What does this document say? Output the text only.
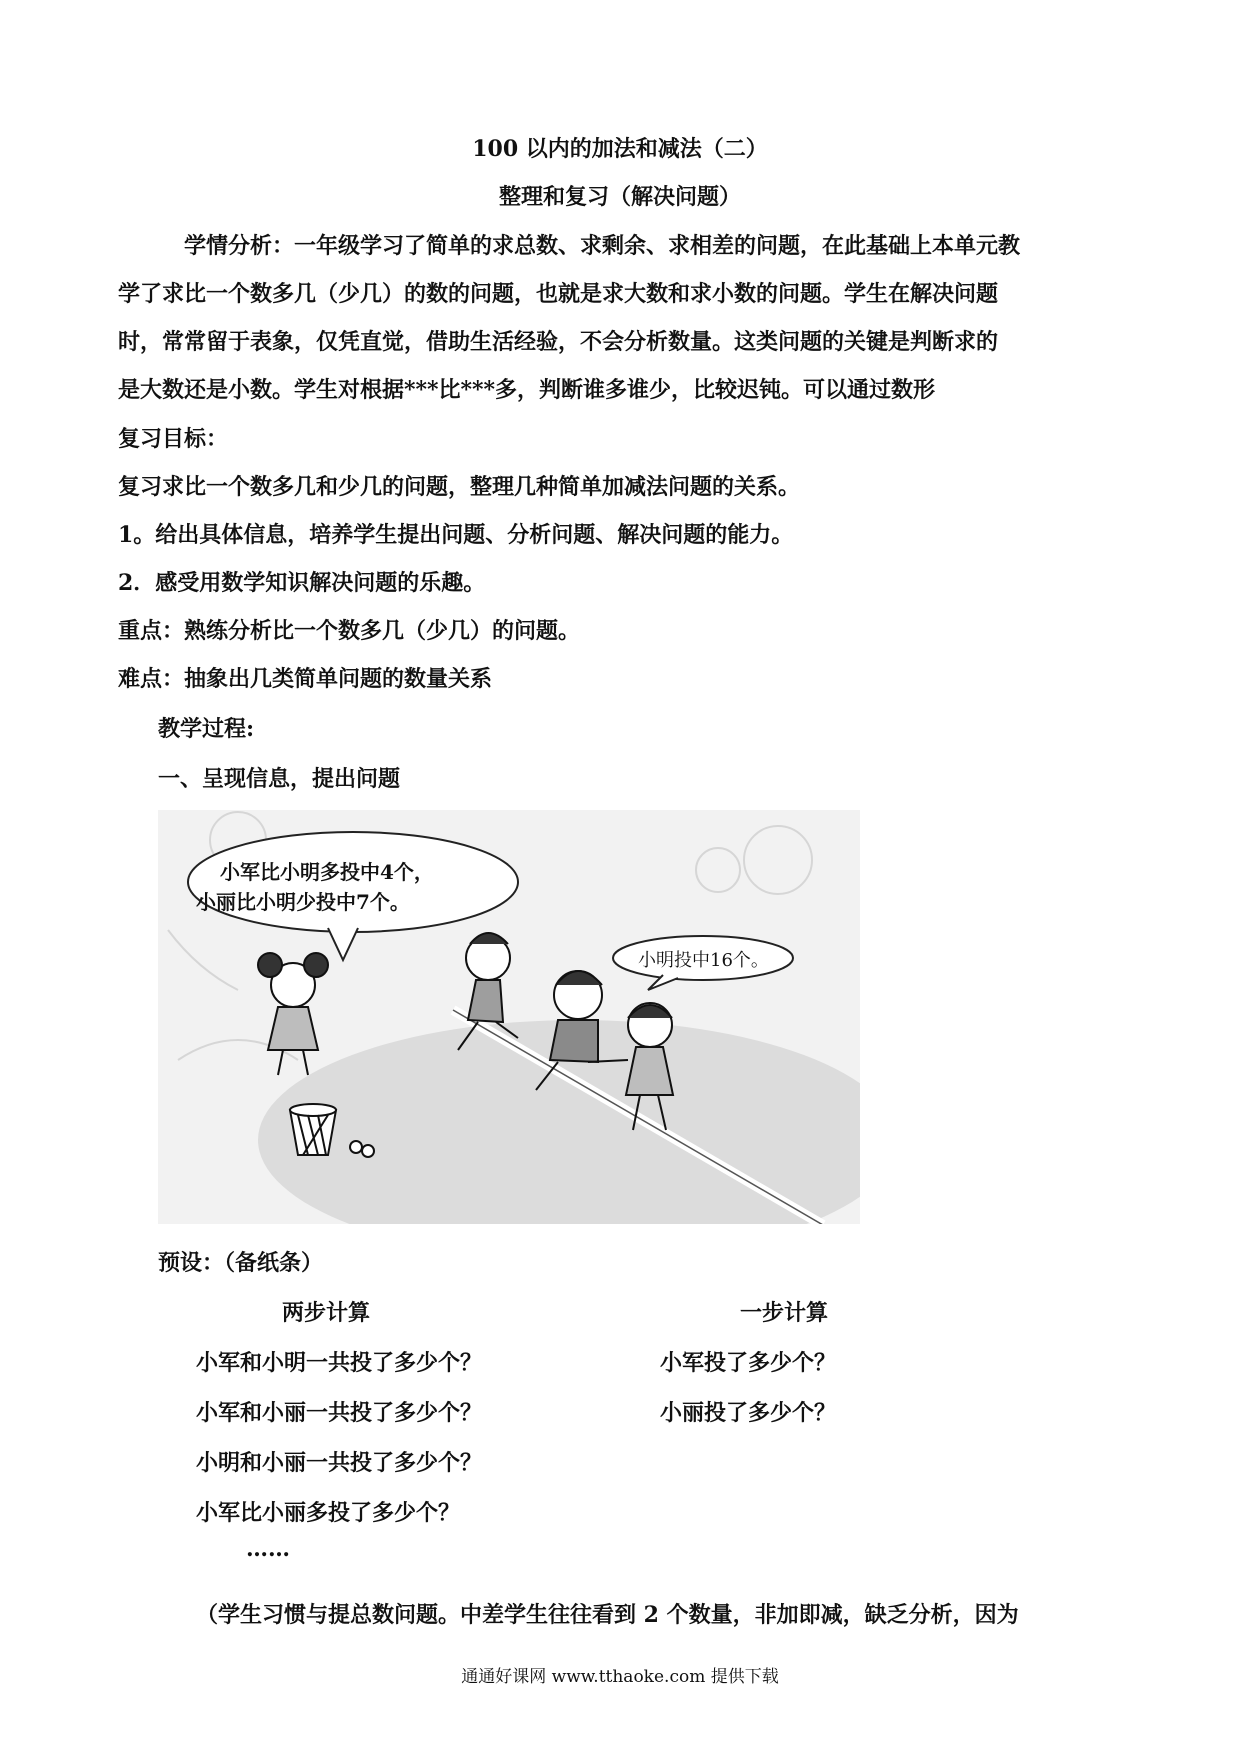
100 以内的加法和减法（二）
整理和复习（解决问题）
学情分析：一年级学习了简单的求总数、求剩余、求相差的问题，在此基础上本单元教
学了求比一个数多几（少几）的数的问题，也就是求大数和求小数的问题。学生在解决问题
时，常常留于表象，仅凭直觉，借助生活经验，不会分析数量。这类问题的关键是判断求的
是大数还是小数。学生对根据***比***多，判断谁多谁少，比较迟钝。可以通过数形
复习目标：
复习求比一个数多几和少几的问题，整理几种简单加减法问题的关系。
1。给出具体信息，培养学生提出问题、分析问题、解决问题的能力。
2．感受用数学知识解决问题的乐趣。
重点：熟练分析比一个数多几（少几）的问题。
难点：抽象出几类简单问题的数量关系
教学过程:
一、呈现信息，提出问题
小军比小明多投中4个，
小丽比小明少投中7个。
小明投中16个。
预设：（备纸条）
两步计算	一步计算
小军和小明一共投了多少个？
小军和小丽一共投了多少个？
小明和小丽一共投了多少个？
小军比小丽多投了多少个？
小军投了多少个？
小丽投了多少个？
……
（学生习惯与提总数问题。中差学生往往看到 2 个数量，非加即减，缺乏分析，因为
通通好课网 www.tthaoke.com 提供下载
